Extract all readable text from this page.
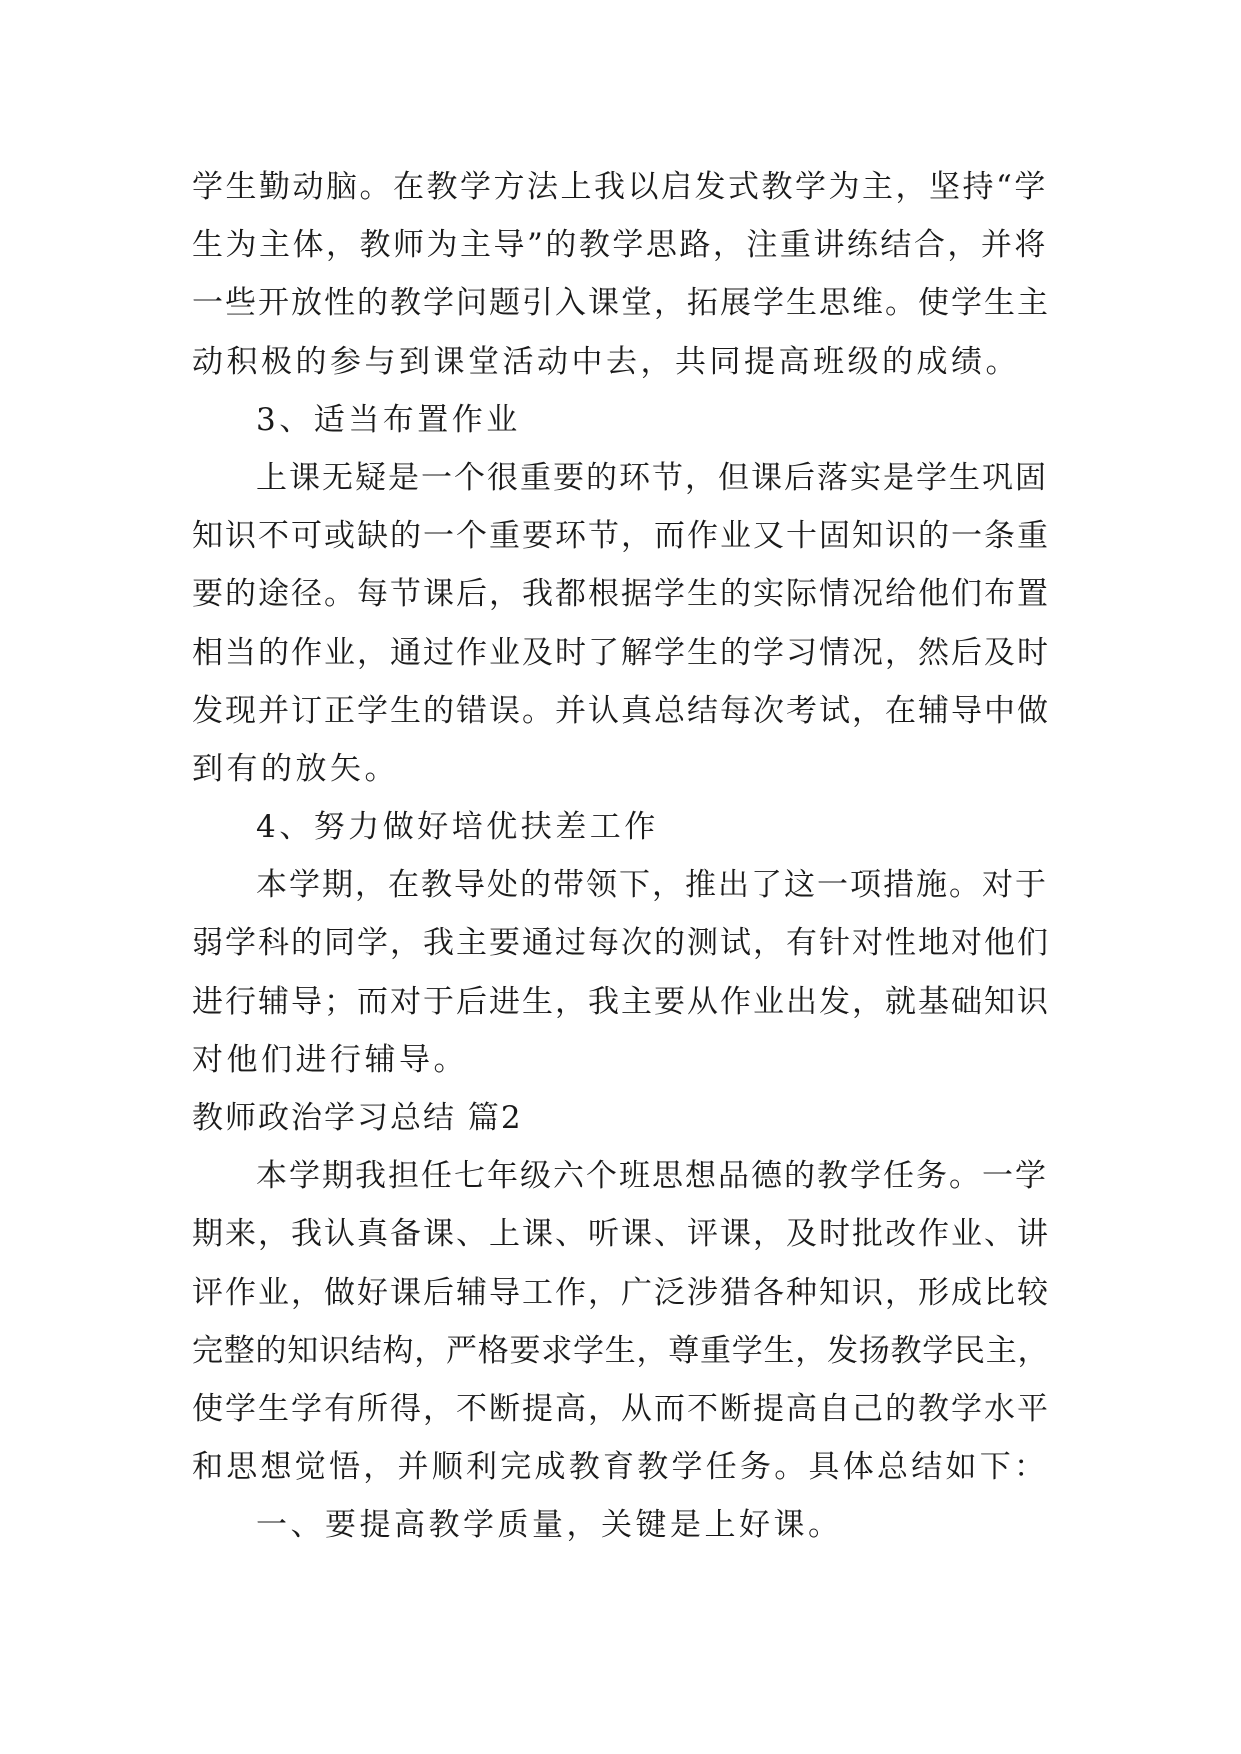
学生勤动脑。在教学方法上我以启发式教学为主，坚持“学
生为主体，教师为主导”的教学思路，注重讲练结合，并将
一些开放性的教学问题引入课堂，拓展学生思维。使学生主
动积极的参与到课堂活动中去，共同提高班级的成绩。
3、适当布置作业
上课无疑是一个很重要的环节，但课后落实是学生巩固
知识不可或缺的一个重要环节，而作业又十固知识的一条重
要的途径。每节课后，我都根据学生的实际情况给他们布置
相当的作业，通过作业及时了解学生的学习情况，然后及时
发现并订正学生的错误。并认真总结每次考试，在辅导中做
到有的放矢。
4、努力做好培优扶差工作
本学期，在教导处的带领下，推出了这一项措施。对于
弱学科的同学，我主要通过每次的测试，有针对性地对他们
进行辅导；而对于后进生，我主要从作业出发，就基础知识
对他们进行辅导。
教师政治学习总结 篇2
本学期我担任七年级六个班思想品德的教学任务。一学
期来，我认真备课、上课、听课、评课，及时批改作业、讲
评作业，做好课后辅导工作，广泛涉猎各种知识，形成比较
完整的知识结构，严格要求学生，尊重学生，发扬教学民主，
使学生学有所得，不断提高，从而不断提高自己的教学水平
和思想觉悟，并顺利完成教育教学任务。具体总结如下：
一、要提高教学质量，关键是上好课。
